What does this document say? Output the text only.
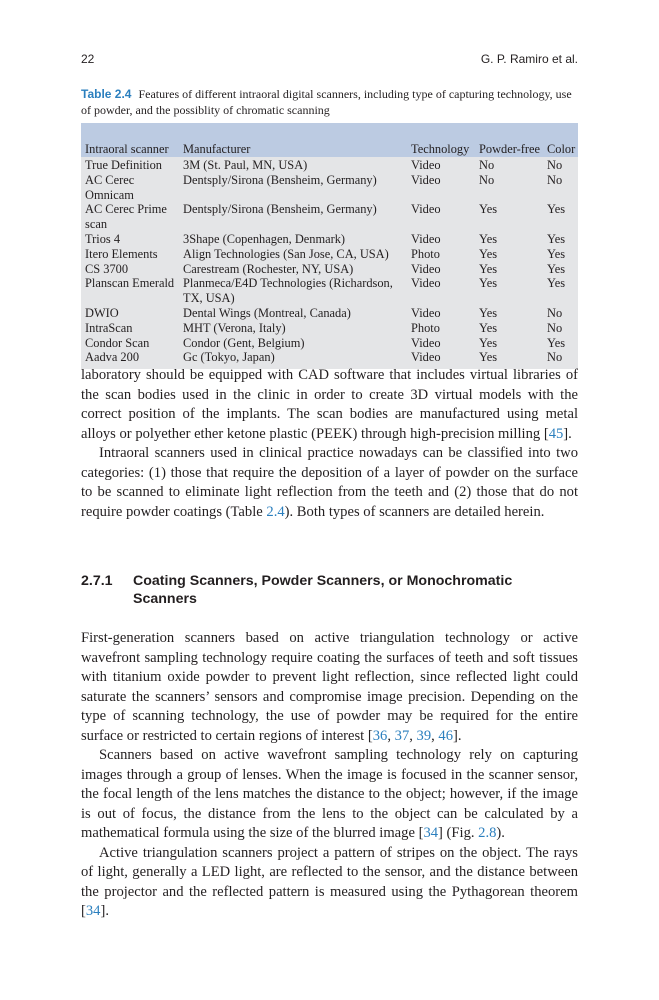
22	G. P. Ramiro et al.
Table 2.4 Features of different intraoral digital scanners, including type of capturing technology, use of powder, and the possiblity of chromatic scanning
Intraoral scanner	Manufacturer	Technology	Powder-free	Color
True Definition	3M (St. Paul, MN, USA)	Video	No	No
AC Cerec Omnicam	Dentsply/Sirona (Bensheim, Germany)	Video	No	No
AC Cerec Prime scan	Dentsply/Sirona (Bensheim, Germany)	Video	Yes	Yes
Trios 4	3Shape (Copenhagen, Denmark)	Video	Yes	Yes
Itero Elements	Align Technologies (San Jose, CA, USA)	Photo	Yes	Yes
CS 3700	Carestream (Rochester, NY, USA)	Video	Yes	Yes
Planscan Emerald	Planmeca/E4D Technologies (Richardson, TX, USA)	Video	Yes	Yes
DWIO	Dental Wings (Montreal, Canada)	Video	Yes	No
IntraScan	MHT (Verona, Italy)	Photo	Yes	No
Condor Scan	Condor (Gent, Belgium)	Video	Yes	Yes
Aadva 200	Gc (Tokyo, Japan)	Video	Yes	No

laboratory should be equipped with CAD software that includes virtual libraries of the scan bodies used in the clinic in order to create 3D virtual models with the correct position of the implants. The scan bodies are manufactured using metal alloys or polyether ether ketone plastic (PEEK) through high-precision milling [45].

Intraoral scanners used in clinical practice nowadays can be classified into two categories: (1) those that require the deposition of a layer of powder on the surface to be scanned to eliminate light reflection from the teeth and (2) those that do not require powder coatings (Table 2.4). Both types of scanners are detailed herein.

2.7.1 Coating Scanners, Powder Scanners, or Monochromatic Scanners

First-generation scanners based on active triangulation technology or active wavefront sampling technology require coating the surfaces of teeth and soft tissues with titanium oxide powder to prevent light reflection, since reflected light could saturate the scanners’ sensors and compromise image precision. Depending on the type of scanning technology, the use of powder may be required for the entire surface or restricted to certain regions of interest [36, 37, 39, 46].

Scanners based on active wavefront sampling technology rely on capturing images through a group of lenses. When the image is focused in the scanner sensor, the focal length of the lens matches the distance to the object; however, if the image is out of focus, the distance from the lens to the object can be calculated by a mathematical formula using the size of the blurred image [34] (Fig. 2.8).

Active triangulation scanners project a pattern of stripes on the object. The rays of light, generally a LED light, are reflected to the sensor, and the distance between the projector and the reflected pattern is measured using the Pythagorean theorem [34].
